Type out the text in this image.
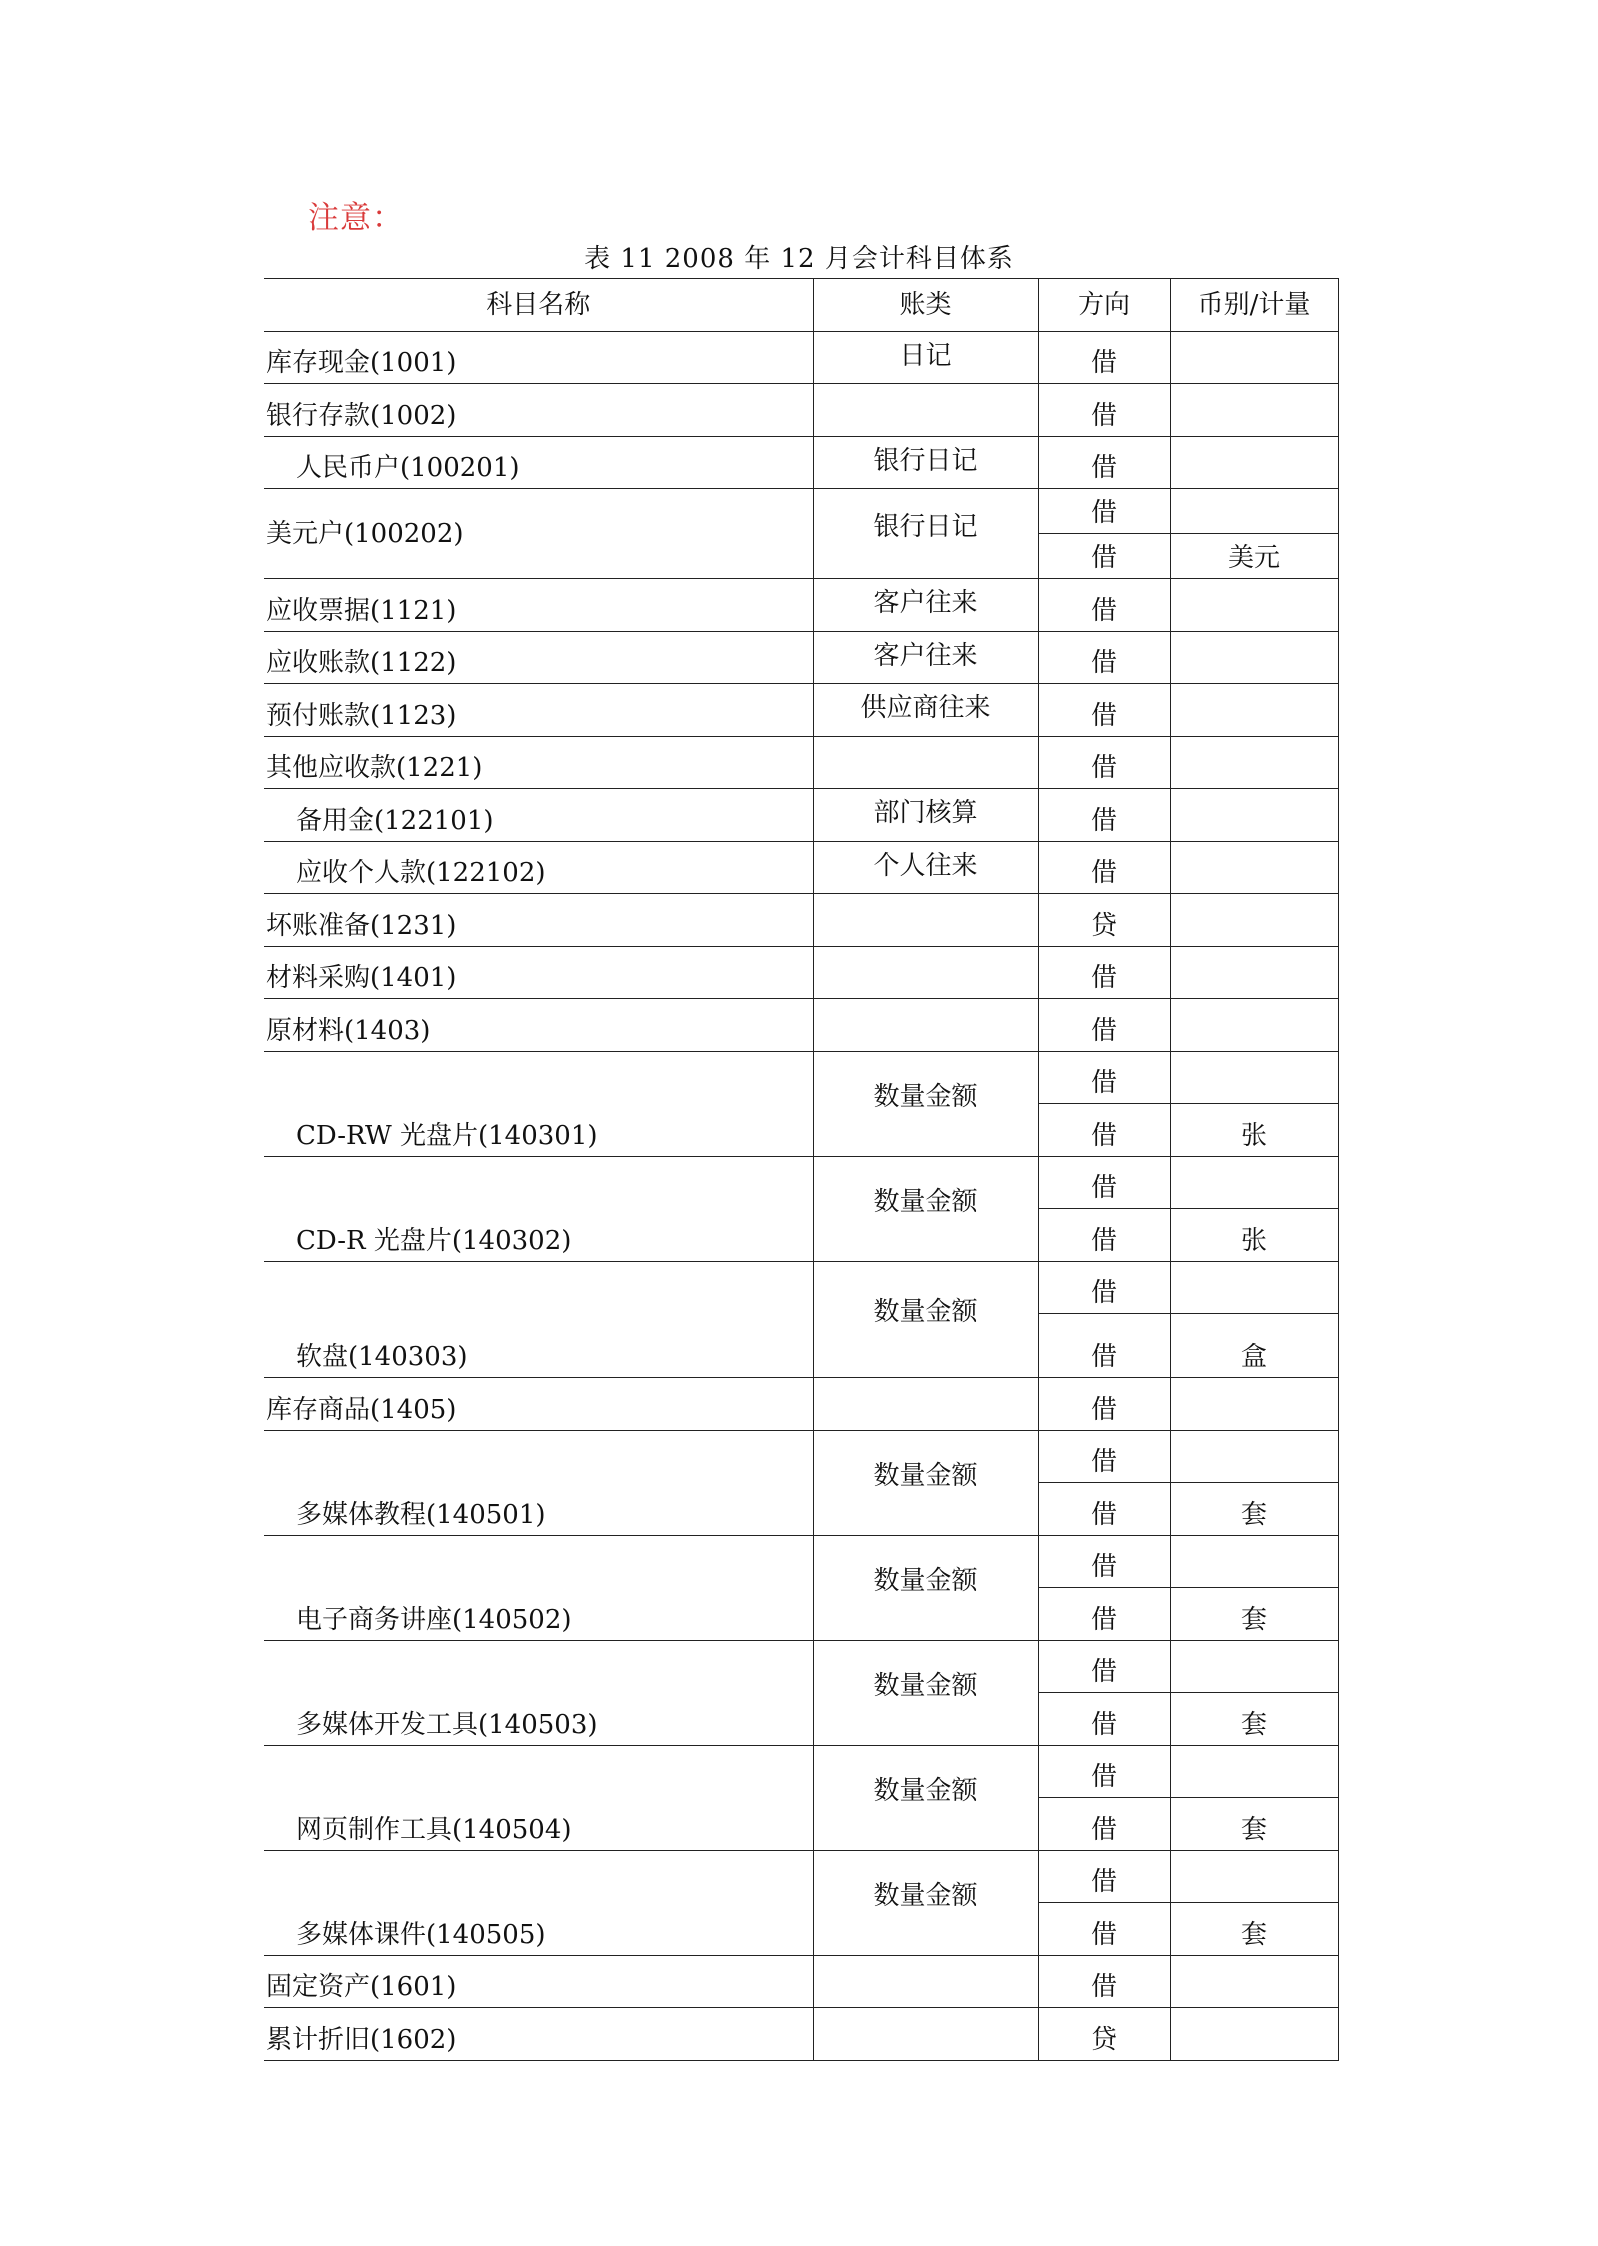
注意：
表 11 2008 年 12 月会计科目体系
科目名称	账类	方向	币别/计量
库存现金(1001)	日记	借	
银行存款(1002)		借	
人民币户(100201)	银行日记	借	
美元户(100202)	银行日记	借	
		借	美元
应收票据(1121)	客户往来	借	
应收账款(1122)	客户往来	借	
预付账款(1123)	供应商往来	借	
其他应收款(1221)		借	
备用金(122101)	部门核算	借	
应收个人款(122102)	个人往来	借	
坏账准备(1231)		贷	
材料采购(1401)		借	
原材料(1403)		借	
CD-RW 光盘片(140301)	数量金额	借	
		借	张
CD-R 光盘片(140302)	数量金额	借	
		借	张
软盘(140303)	数量金额	借	
		借	盒
库存商品(1405)		借	
多媒体教程(140501)	数量金额	借	
		借	套
电子商务讲座(140502)	数量金额	借	
		借	套
多媒体开发工具(140503)	数量金额	借	
		借	套
网页制作工具(140504)	数量金额	借	
		借	套
多媒体课件(140505)	数量金额	借	
		借	套
固定资产(1601)		借	
累计折旧(1602)		贷	
